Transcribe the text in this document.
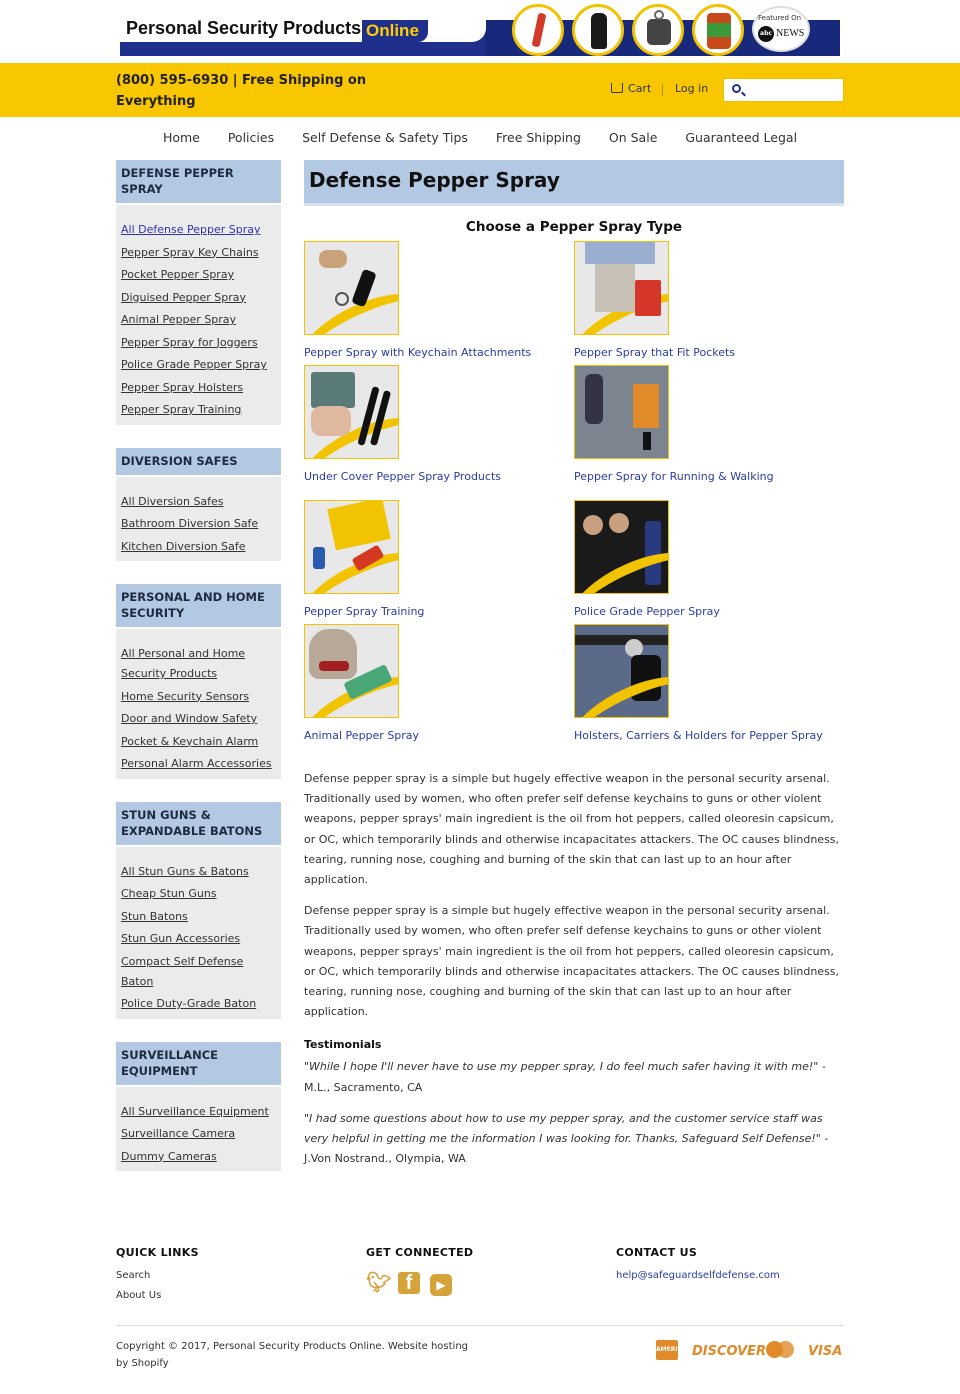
Personal Security Products Online
Featured On
abc NEWS
(800) 595-6930 | Free Shipping on Everything
Cart Log in
Home Policies Self Defense & Safety Tips Free Shipping On Sale Guaranteed Legal
DEFENSE PEPPER SPRAY
All Defense Pepper Spray
Pepper Spray Key Chains
Pocket Pepper Spray
Diguised Pepper Spray
Animal Pepper Spray
Pepper Spray for Joggers
Police Grade Pepper Spray
Pepper Spray Holsters
Pepper Spray Training
DIVERSION SAFES
All Diversion Safes
Bathroom Diversion Safe
Kitchen Diversion Safe
PERSONAL AND HOME SECURITY
All Personal and Home Security Products
Home Security Sensors
Door and Window Safety
Pocket & Keychain Alarm
Personal Alarm Accessories
STUN GUNS & EXPANDABLE BATONS
All Stun Guns & Batons
Cheap Stun Guns
Stun Batons
Stun Gun Accessories
Compact Self Defense Baton
Police Duty-Grade Baton
SURVEILLANCE EQUIPMENT
All Surveillance Equipment
Surveillance Camera
Dummy Cameras
Defense Pepper Spray
Choose a Pepper Spray Type
Pepper Spray with Keychain Attachments	Pepper Spray that Fit Pockets
Under Cover Pepper Spray Products	Pepper Spray for Running & Walking
Pepper Spray Training	Police Grade Pepper Spray
Animal Pepper Spray	Holsters, Carriers & Holders for Pepper Spray

Defense pepper spray is a simple but hugely effective weapon in the personal security arsenal. Traditionally used by women, who often prefer self defense keychains to guns or other violent weapons, pepper sprays' main ingredient is the oil from hot peppers, called oleoresin capsicum, or OC, which temporarily blinds and otherwise incapacitates attackers. The OC causes blindness, tearing, running nose, coughing and burning of the skin that can last up to an hour after application.

Defense pepper spray is a simple but hugely effective weapon in the personal security arsenal. Traditionally used by women, who often prefer self defense keychains to guns or other violent weapons, pepper sprays' main ingredient is the oil from hot peppers, called oleoresin capsicum, or OC, which temporarily blinds and otherwise incapacitates attackers. The OC causes blindness, tearing, running nose, coughing and burning of the skin that can last up to an hour after application.

Testimonials
"While I hope I'll never have to use my pepper spray, I do feel much safer having it with me!" - M.L., Sacramento, CA
"I had some questions about how to use my pepper spray, and the customer service staff was very helpful in getting me the information I was looking for. Thanks, Safeguard Self Defense!" - J.Von Nostrand., Olympia, WA
QUICK LINKS
Search
About Us
GET CONNECTED
🐦︎ f ▶
CONTACT US
help@safeguardselfdefense.com
Copyright © 2017, Personal Security Products Online. Website hosting by Shopify
AMERICAN EXPRESS
DISCOVER	VISA
